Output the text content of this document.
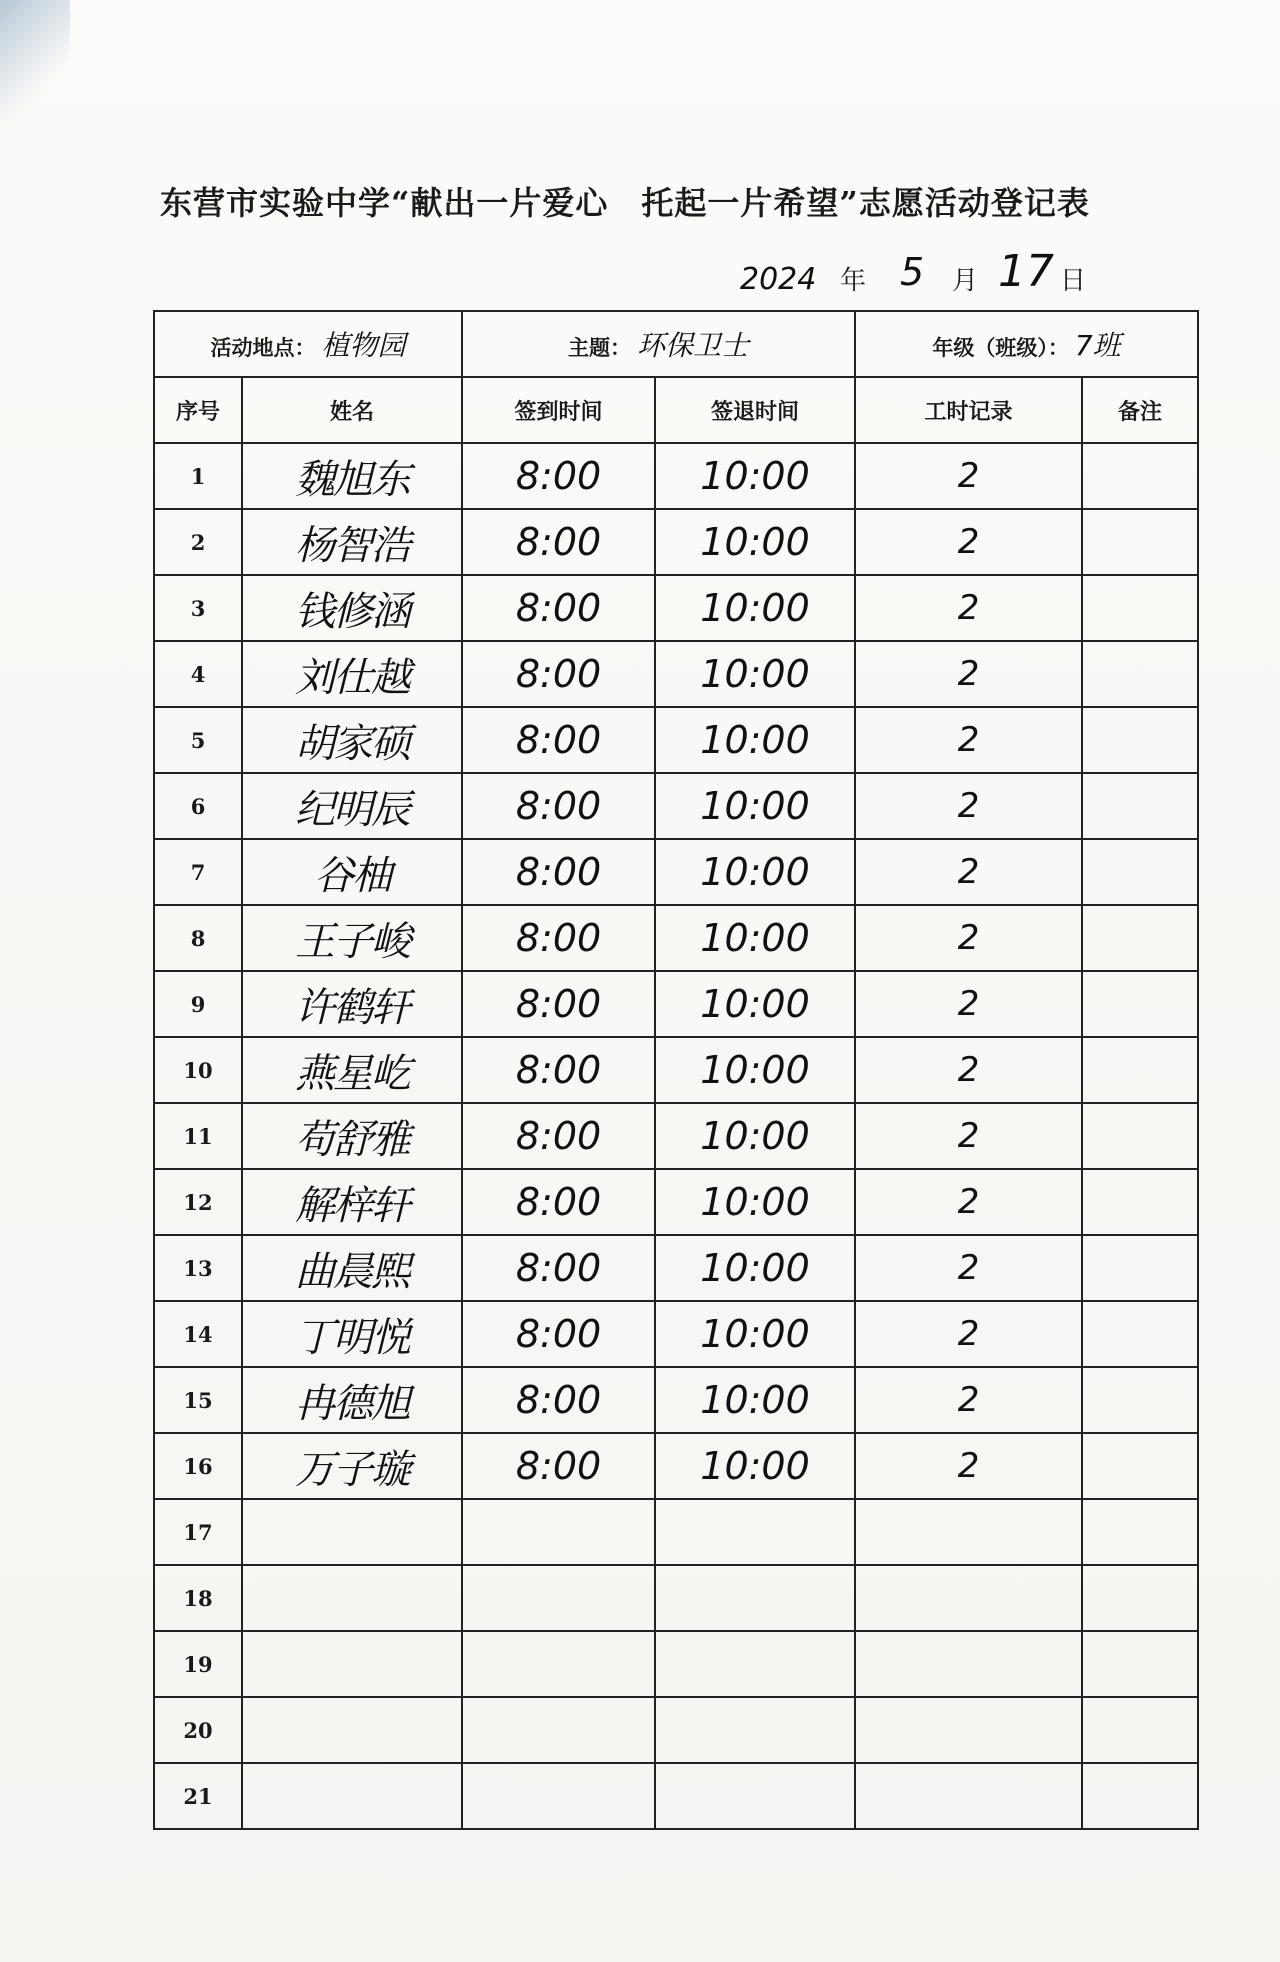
东营市实验中学“献出一片爱心　托起一片希望”志愿活动登记表
2024 年 5 月 17 日
活动地点： 植物园		主题： 环保卫士		年级（班级）： 7班	
序号	姓名	签到时间	签退时间	工时记录	备注
1	魏旭东	8:00	10:00	2	
2	杨智浩	8:00	10:00	2	
3	钱修涵	8:00	10:00	2	
4	刘仕越	8:00	10:00	2	
5	胡家硕	8:00	10:00	2	
6	纪明辰	8:00	10:00	2	
7	谷柚	8:00	10:00	2	
8	王子峻	8:00	10:00	2	
9	许鹤轩	8:00	10:00	2	
10	燕星屹	8:00	10:00	2	
11	苟舒雅	8:00	10:00	2	
12	解梓轩	8:00	10:00	2	
13	曲晨熙	8:00	10:00	2	
14	丁明悦	8:00	10:00	2	
15	冉德旭	8:00	10:00	2	
16	万子璇	8:00	10:00	2	
17					
18					
19					
20					
21					
